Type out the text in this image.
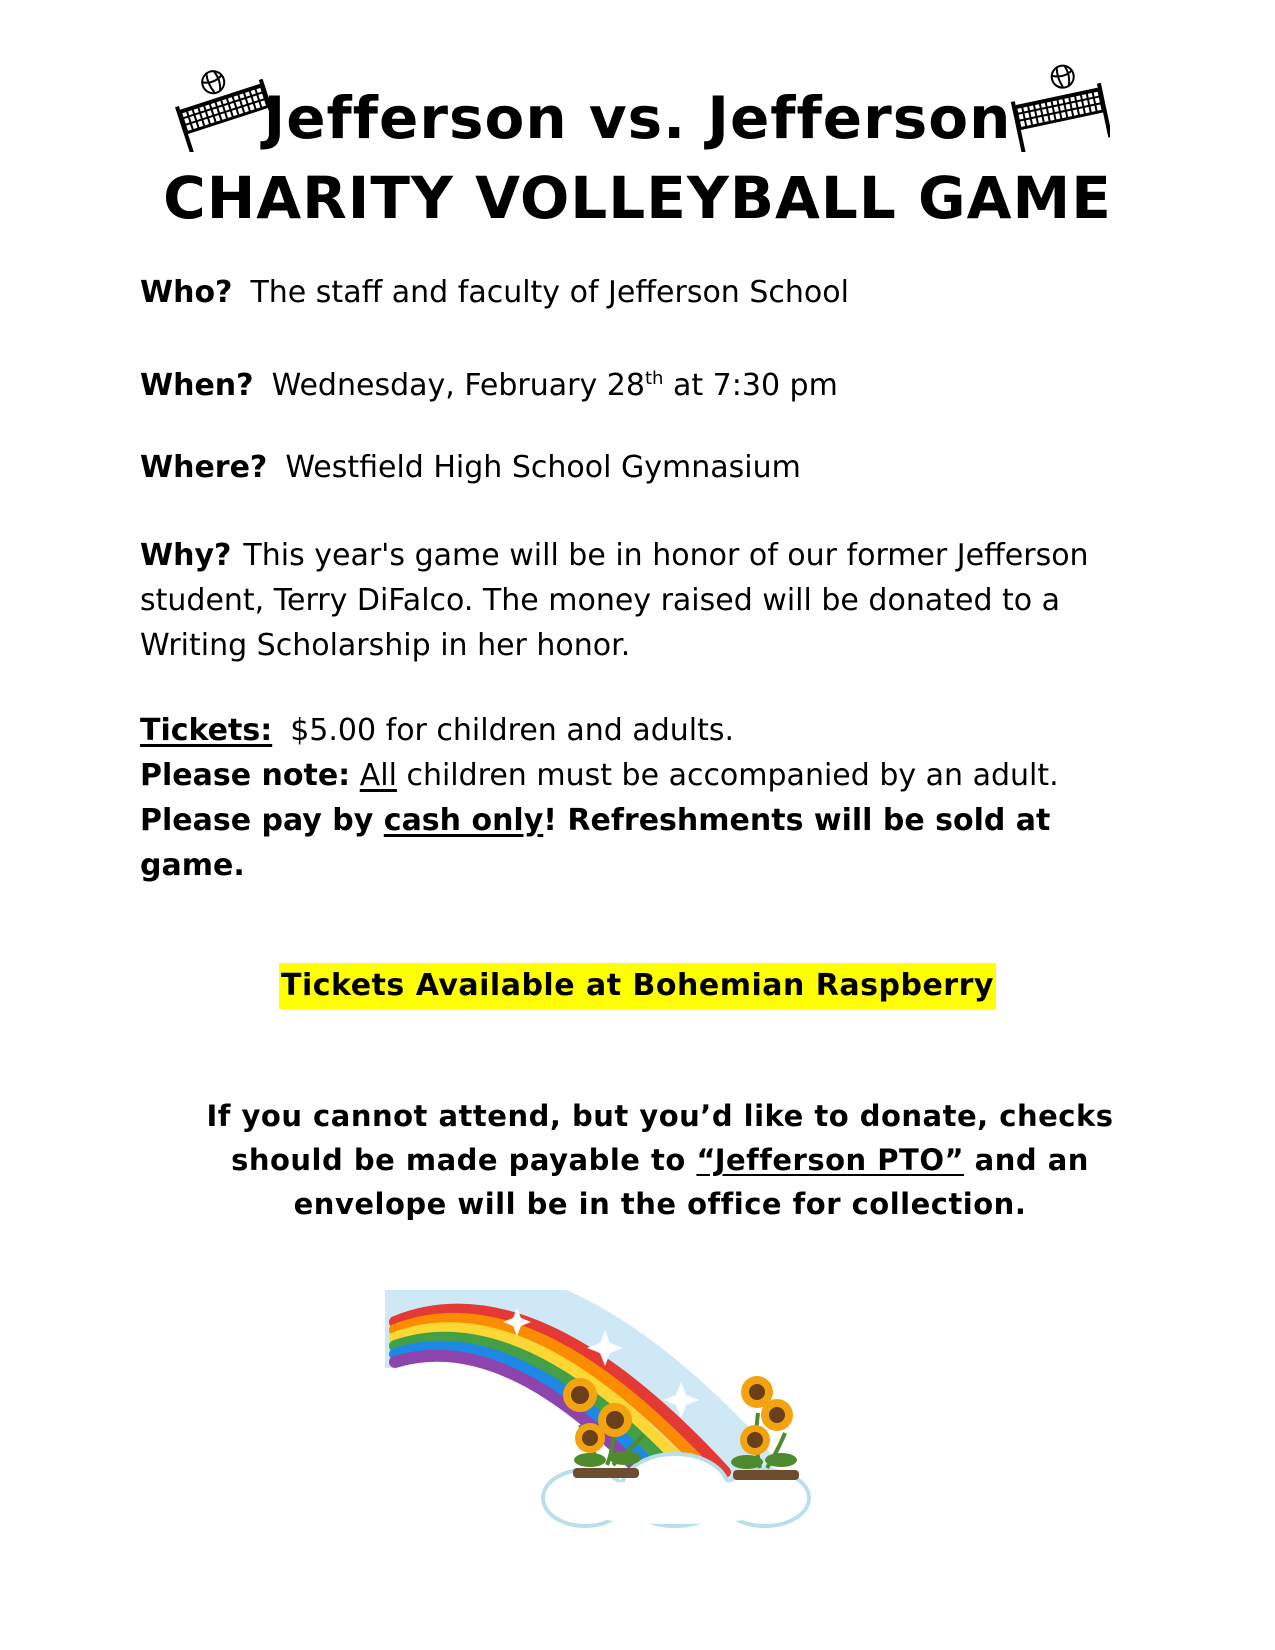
Jefferson vs. Jefferson
CHARITY VOLLEYBALL GAME
Who? The staff and faculty of Jefferson School
When? Wednesday, February 28th at 7:30 pm
Where? Westfield High School Gymnasium
Why? This year's game will be in honor of our former Jefferson student, Terry DiFalco. The money raised will be donated to a Writing Scholarship in her honor.
Tickets: $5.00 for children and adults.
Please note: All children must be accompanied by an adult.
Please pay by cash only! Refreshments will be sold at game.
Tickets Available at Bohemian Raspberry
If you cannot attend, but you’d like to donate, checks should be made payable to “Jefferson PTO” and an envelope will be in the office for collection.
